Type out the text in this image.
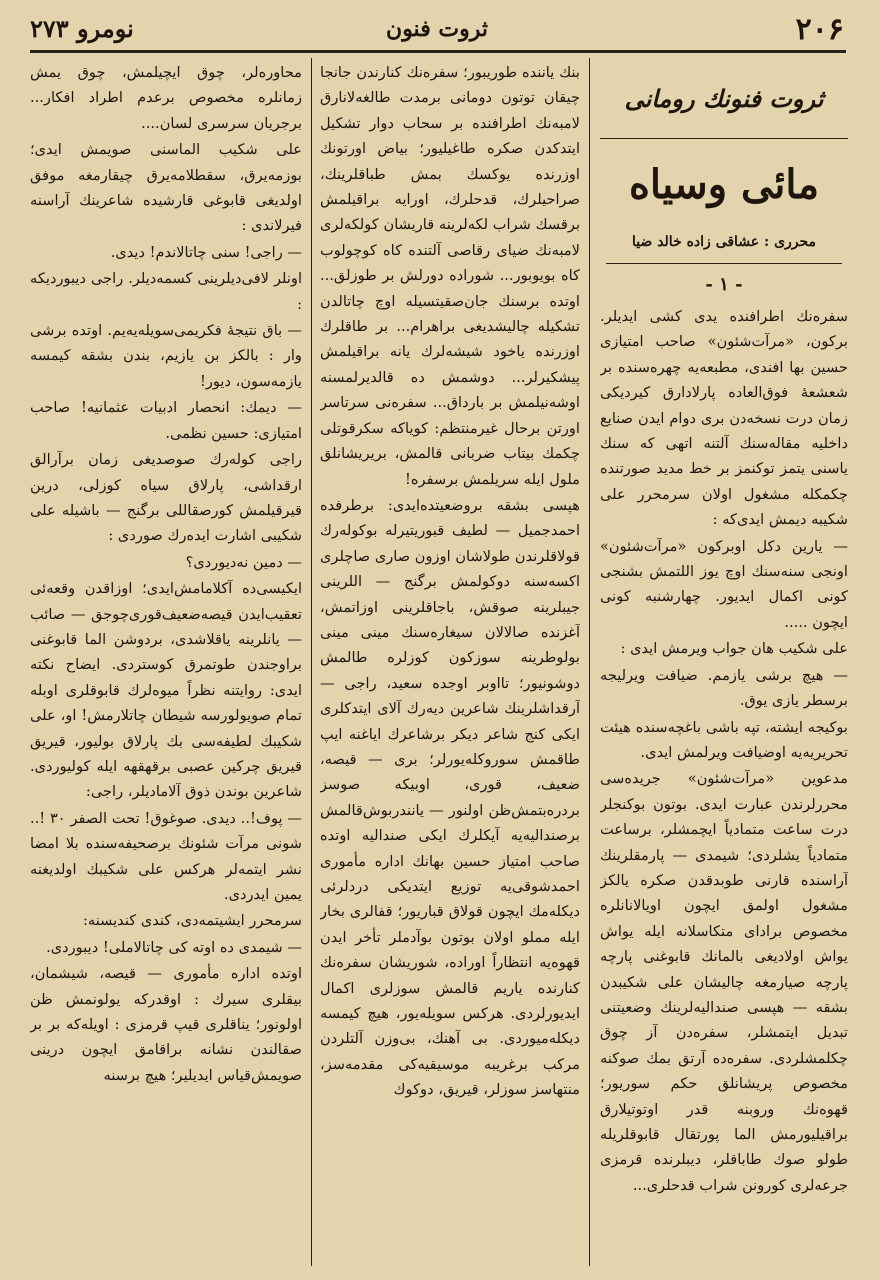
۲۰۶
ثروت فنون
نومرو ۲۷۳
ثروت فنونك رومانی
مائی وسیاه
محرری : عشاقی زاده خالد ضیا
- ۱ -

سفره‌نك اطرافنده یدی كشی ایدیلر. بركون، «مرآت‌شئون» صاحب امتیازی حسین بها افندی، مطبعه‌یه چهره‌سنده بر شعشعهٔ فوق‌العاده پارلادارق كیردیكی زمان درت نسخه‌دن بری دوام ایدن صنایع داخلیه مقاله‌سنك آلتنه اتهی كه سنك یاسنی یتمز توكنمز بر خط مدید صورتنده چكمكله مشغول اولان سرمحرر علی شكیبه دیمش ایدی‌كه :

— یارین دكل اوبركون «مرآت‌شئون» اونجی سنه‌سنك اوچ یوز اللتمش بشنجی كونی اكمال ایدیور. چهارشنبه كونی ایچون .....

علی شكیب هان جواب ویرمش ایدی :

— هیچ برشی یازمم. ضیافت ویرلیجه برسطر یازی یوق.

بوكیجه ایشته، تپه باشی باغچه‌سنده هیئت تحریریه‌یه اوضیافت ویرلمش ایدی.

مدعوین «مرآت‌شئون» جریده‌سی محررلرندن عبارت ایدی. بوتون بوكنجلر درت ساعت متمادیاً ایچمشلر، برساعت متمادیاً یشلردی؛ شیمدی — پارمقلرینك آراسنده قارنی طوبدقدن صكره یالكز مشغول اولمق ایچون اویالانانلره مخصوص برادای متكاسلانه ایله یواش یواش اولادیغی بالمانك قابوغنی پارچه پارچه صیارمغه چالیشان علی شكیبدن بشقه — هپسی صندالیه‌لرینك وضعیتنی تبدیل ایتمشلر، سفره‌دن آز چوق چكلمشلردی. سفره‌ده آرتق بمك صوكنه مخصوص پریشانلق حكم سوریور؛ قهوه‌نك وروبنه قدر اوتوتیلارق براقیلیورمش الما پورتقال قابوقلریله طولو صوك طاباقلر، دیبلرنده قرمزی جرعه‌لری كورونن شراب قدحلری...

بنك یاننده طوریبور؛ سفره‌نك كنارندن جانجا چیقان توتون دومانی برمدت طالغه‌لانارق لامبه‌نك اطرافنده بر سحاب دوار تشكیل ایتدكدن صكره طاغیلیور؛ بیاض اورتونك اوزرنده یوكسك بمش طباقلرینك، صراحیلرك، قدحلرك، اورایه براقیلمش برقسك شراب لكه‌لرینه قاریشان كولكه‌لری لامبه‌نك ضیای رقاصی آلتنده كاه كوچولوب كاه بویوبور... شوراده دورلش بر طوزلق... اوتده برسنك جان‌صقیتسیله اوچ چاتالدن تشكیله چالیشدیغی براهرام... بر طاقلرك اوزرنده یاخود شیشه‌لرك یانه براقیلمش پیشكیرلر... دوشمش ده قالدیرلمسنه اوشه‌نیلمش بر بارداق... سفره‌نی سرتاسر اورتن برحال غیرمنتظم: كویاكه سكرقوتلی چكمك بیتاب ضربانی قالمش، بریریشانلق ملول ایله سریلمش برسفره!

هپسی بشقه بروضعیتده‌ایدی: برطرفده احمدجمیل — لطیف قبوریتیرله بوكوله‌رك قولاقلرندن طولاشان اوزون صاری صاچلری اكسه‌سنه دوكولمش برگنج — اللرینی جیبلرینه صوقش، باجاقلرینی اوزاتمش، آغزنده صالالان سیغاره‌سنك مینی مینی بولوطرینه سوزكون كوزلره طالمش دوشونیور؛ تااوبر اوجده سعید، راجی — آرقداشلرینك شاعرین دیه‌رك آلای ایتدكلری ایكی كنج شاعر دیكر برشاعرك ایاغنه ایپ طاقمش سوروكله‌یورلر؛ بری — قیصه، ضعیف، قوری، اوبیكه صوسز بردره‌بتمش‌ظن اولنور — یانندربوش‌قالمش برصندالیه‌یه آیكلرك ایكی صندالیه اوتده صاحب امتیاز حسین بهانك اداره مأموری احمدشوقی‌یه توزیع ایتدیكی دردلرئی دیكله‌مك ایچون قولاق قباریور؛ قفالری بخار ایله مملو اولان بوتون بوآدملر تأخر ایدن قهوه‌یه انتظاراً اوراده، شوریشان سفره‌نك كنارنده یاریم قالمش سوزلری اكمال ایدیورلردی. هركس سویله‌یور، هیچ كیمسه دیكله‌میوردی. بی آهنك، بی‌وزن آلتلردن مركب برغریبه موسیقیه‌كی مقدمه‌سز، منتهاسز سوزلر، قیریق، دوكوك

محاوره‌لر، چوق ایچیلمش، چوق یمش زمانلره مخصوص برعدم اطراد افكار... برجریان سرسری لسان....

علی شكیب الماسنی صویمش ایدی؛ بوزمه‌یرق، سقطلامه‌یرق چیقارمغه موفق اولدیغی قابوغی قارشیده شاعرینك آراسنه فیرلاندی :

— راجی! سنی چاتالاندم! دیدی.

اونلر لافی‌دیلرینی كسمه‌دیلر. راجی دیبوردیكه :

— باق نتیجهٔ فكریمی‌سویله‌یه‌یم. اوتده برشی وار : بالكز بن یازیم، بندن بشقه كیمسه یازمه‌سون، دیور!

— دیمك: انحصار ادبیات عثمانیه! صاحب امتیازی: حسین نظمی.

راجی كوله‌رك صوصدیغی زمان برآرالق ارقداشی، پارلاق سیاه كوزلی، درین قیرقیلمش كورصقاللی برگنج — باشیله علی شكیبی اشارت ایده‌رك صوردی :

— دمین نه‌دیوردی؟

ایكیسی‌ده آكلامامش‌ایدی؛ اوزاقدن وقعه‌ئی تعقیب‌ایدن قیصه‌ضعیف‌قوری‌چوجق — صائب — یانلرینه یاقلاشدی، بردوشن الما قابوغنی براوجندن طوتمرق كوستردی. ایضاح نكته ایدی: روایتنه نظراً میوه‌لرك قابوقلری اوبله تمام صویولورسه شیطان چاتلارمش! او، علی شكیبك لطیفه‌سی بك پارلاق بولیور، قیریق قیریق چركین عصبی برقهقهه ایله كولیوردی. شاعرین بوندن ذوق آلامادیلر، راجی:

— پوف!.. دیدی. صوغوق! تحت الصفر ۳۰ !.. شونی مرآت شئونك برصحیفه‌سنده بلا امضا نشر ایتمه‌لر هركس علی شكیبك اولدیغنه یمین ایدردی.

سرمحرر ایشیتمه‌دی، كندی كندیسنه:

— شیمدی ده اوته كی چاتالاملی! دیبوردی.

اوتده اداره مأموری — قیصه، شیشمان، بیقلری سیرك : اوقدركه یولونمش ظن اولونور؛ یناقلری قیپ قرمزی : اویله‌كه بر بر صقالندن نشانه براقامق ایچون درینی صویمش‌قیاس ایدیلیر؛ هیچ برسنه
